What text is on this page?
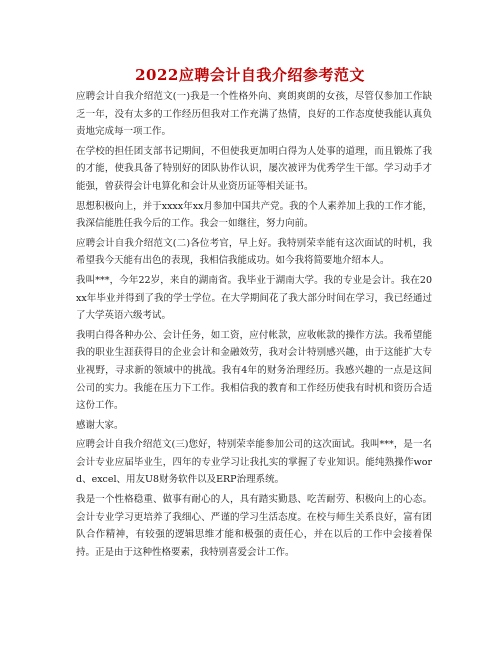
2022应聘会计自我介绍参考范文

应聘会计自我介绍范文(一)我是一个性格外向、爽朗爽朗的女孩，尽管仅参加工作缺乏一年，没有太多的工作经历但我对工作充满了热情，良好的工作态度使我能认真负责地完成每一项工作。

在学校的担任团支部书记期间，不但使我更加明白得为人处事的道理，而且锻炼了我的才能，使我具备了特别好的团队协作认识，屡次被评为优秀学生干部。学习动手才能强，曾获得会计电算化和会计从业资历证等相关证书。

思想积极向上，并于xxxx年xx月参加中国共产党。我的个人素养加上我的工作才能，我深信能胜任我今后的工作。我会一如继往，努力向前。

应聘会计自我介绍范文(二)各位考官，早上好。我特别荣幸能有这次面试的时机，我希望我今天能有出色的表现，我相信我能成功。如今我将简要地介绍本人。

我叫***，今年22岁，来自的湖南省。我毕业于湖南大学。我的专业是会计。我在20xx年毕业并得到了我的学士学位。在大学期间花了我大部分时间在学习，我已经通过了大学英语六级考试。

我明白得各种办公、会计任务，如工资，应付帐款，应收帐款的操作方法。我希望能我的职业生涯获得目的企业会计和金融效劳，我对会计特别感兴趣，由于这能扩大专业视野，寻求新的领域中的挑战。我有4年的财务治理经历。我感兴趣的一点是这间公司的实力。我能在压力下工作。我相信我的教育和工作经历使我有时机和资历合适这份工作。

感谢大家。

应聘会计自我介绍范文(三)您好，特别荣幸能参加公司的这次面试。我叫***，是一名会计专业应届毕业生，四年的专业学习让我扎实的掌握了专业知识。能纯熟操作word、excel、用友U8财务软件以及ERP治理系统。

我是一个性格稳重、做事有耐心的人，具有踏实勤恳、吃苦耐劳、积极向上的心态。会计专业学习更培养了我细心、严谨的学习生活态度。在校与师生关系良好，富有团队合作精神，有较强的逻辑思维才能和极强的责任心，并在以后的工作中会接着保持。正是由于这种性格要素，我特别喜爱会计工作。
